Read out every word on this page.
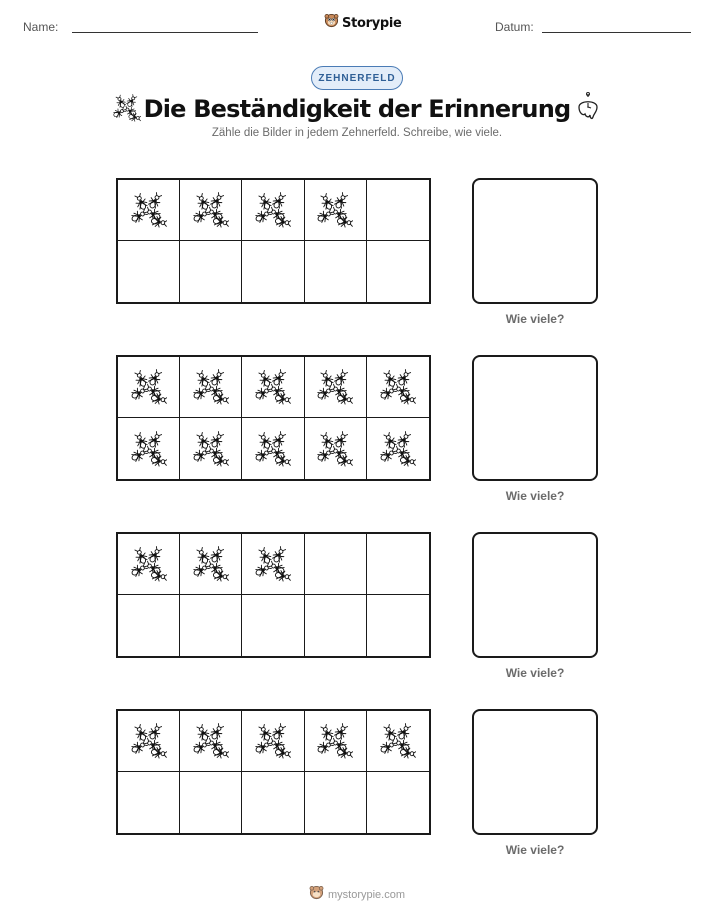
Name:	Storypie	Datum:
ZEHNERFELD
Die Beständigkeit der Erinnerung

Zähle die Bilder in jedem Zehnerfeld. Schreibe, wie viele.

Wie viele?
Wie viele?
Wie viele?
Wie viele?
mystorypie.com
